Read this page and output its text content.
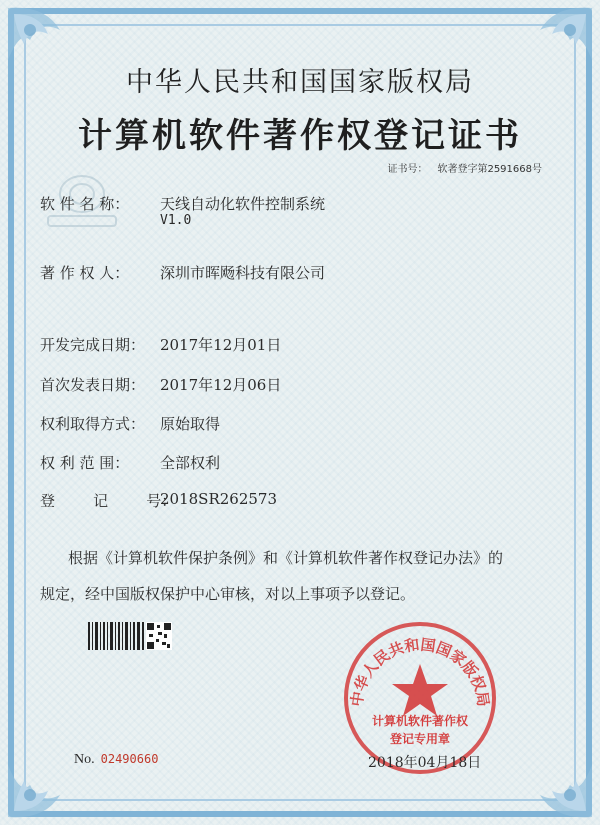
中华人民共和国国家版权局
计算机软件著作权登记证书
证书号： 软著登字第2591668号
软 件 名 称： 天线自动化软件控制系统
V1.0
著 作 权 人： 深圳市晖飏科技有限公司
开发完成日期： 2017年12月01日
首次发表日期： 2017年12月06日
权利取得方式： 原始取得
权 利 范 围： 全部权利
登        记        号：
2018SR262573
根据《计算机软件保护条例》和《计算机软件著作权登记办法》的
规定，经中国版权保护中心审核，对以上事项予以登记。
中华人民共和国国家版权局
计算机软件著作权
登记专用章
No. 02490660	2018年04月18日
